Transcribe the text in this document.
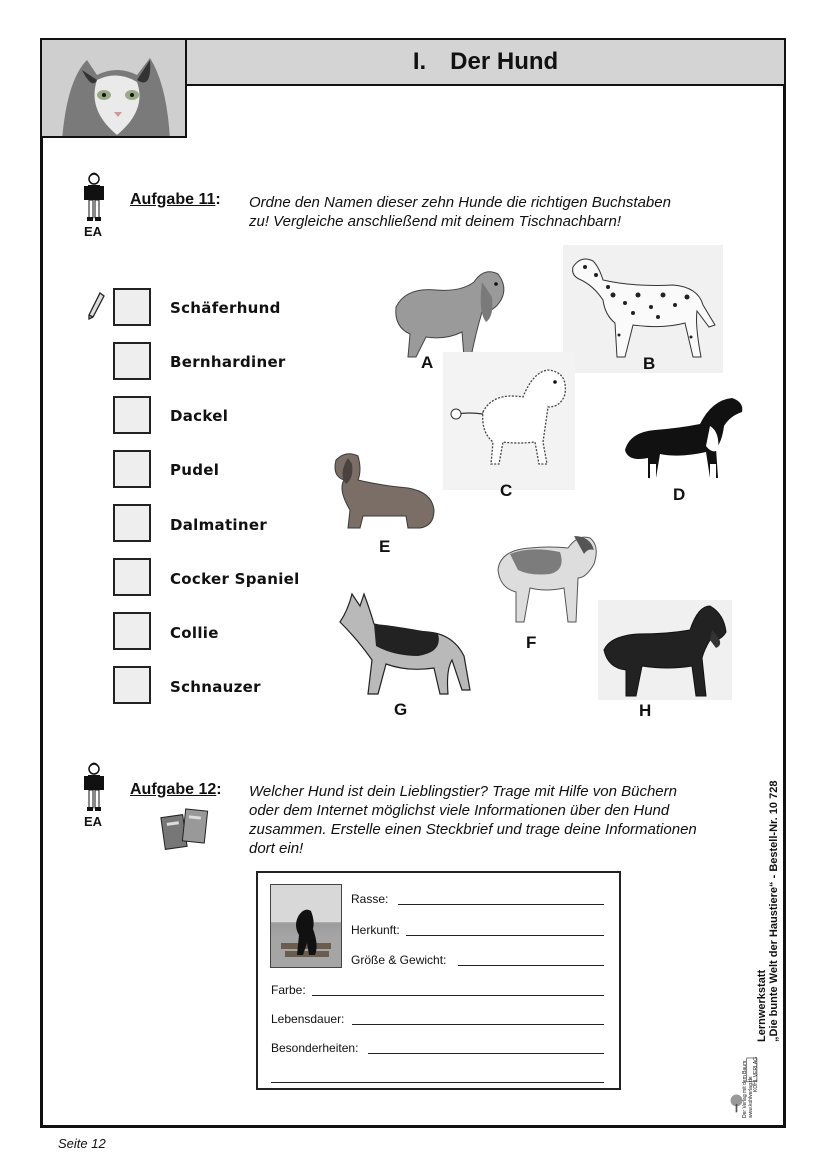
I. Der Hund
EA
Aufgabe 11: Ordne den Namen dieser zehn Hunde die richtigen Buchstaben
zu! Vergleiche anschließend mit deinem Tischnachbarn!
Schäferhund
Bernhardiner
Dackel
Pudel
Dalmatiner
Cocker Spaniel
Collie
Schnauzer
A	B
C	D
E
F
G	H
EA
Aufgabe 12: Welcher Hund ist dein Lieblingstier? Trage mit Hilfe von Büchern
oder dem Internet möglichst viele Informationen über den Hund
zusammen. Erstelle einen Steckbrief und trage deine Informationen
dort ein!
Rasse:
Herkunft:
Größe & Gewicht:
Farbe:
Lebensdauer:
Besonderheiten:
Lernwerkstatt „Die bunte Welt der Haustiere“ - Bestell-Nr. 10 728
KOHL VERLAG
Der Verlag mit dem Baum www.kohlverlag.de
Seite 12
